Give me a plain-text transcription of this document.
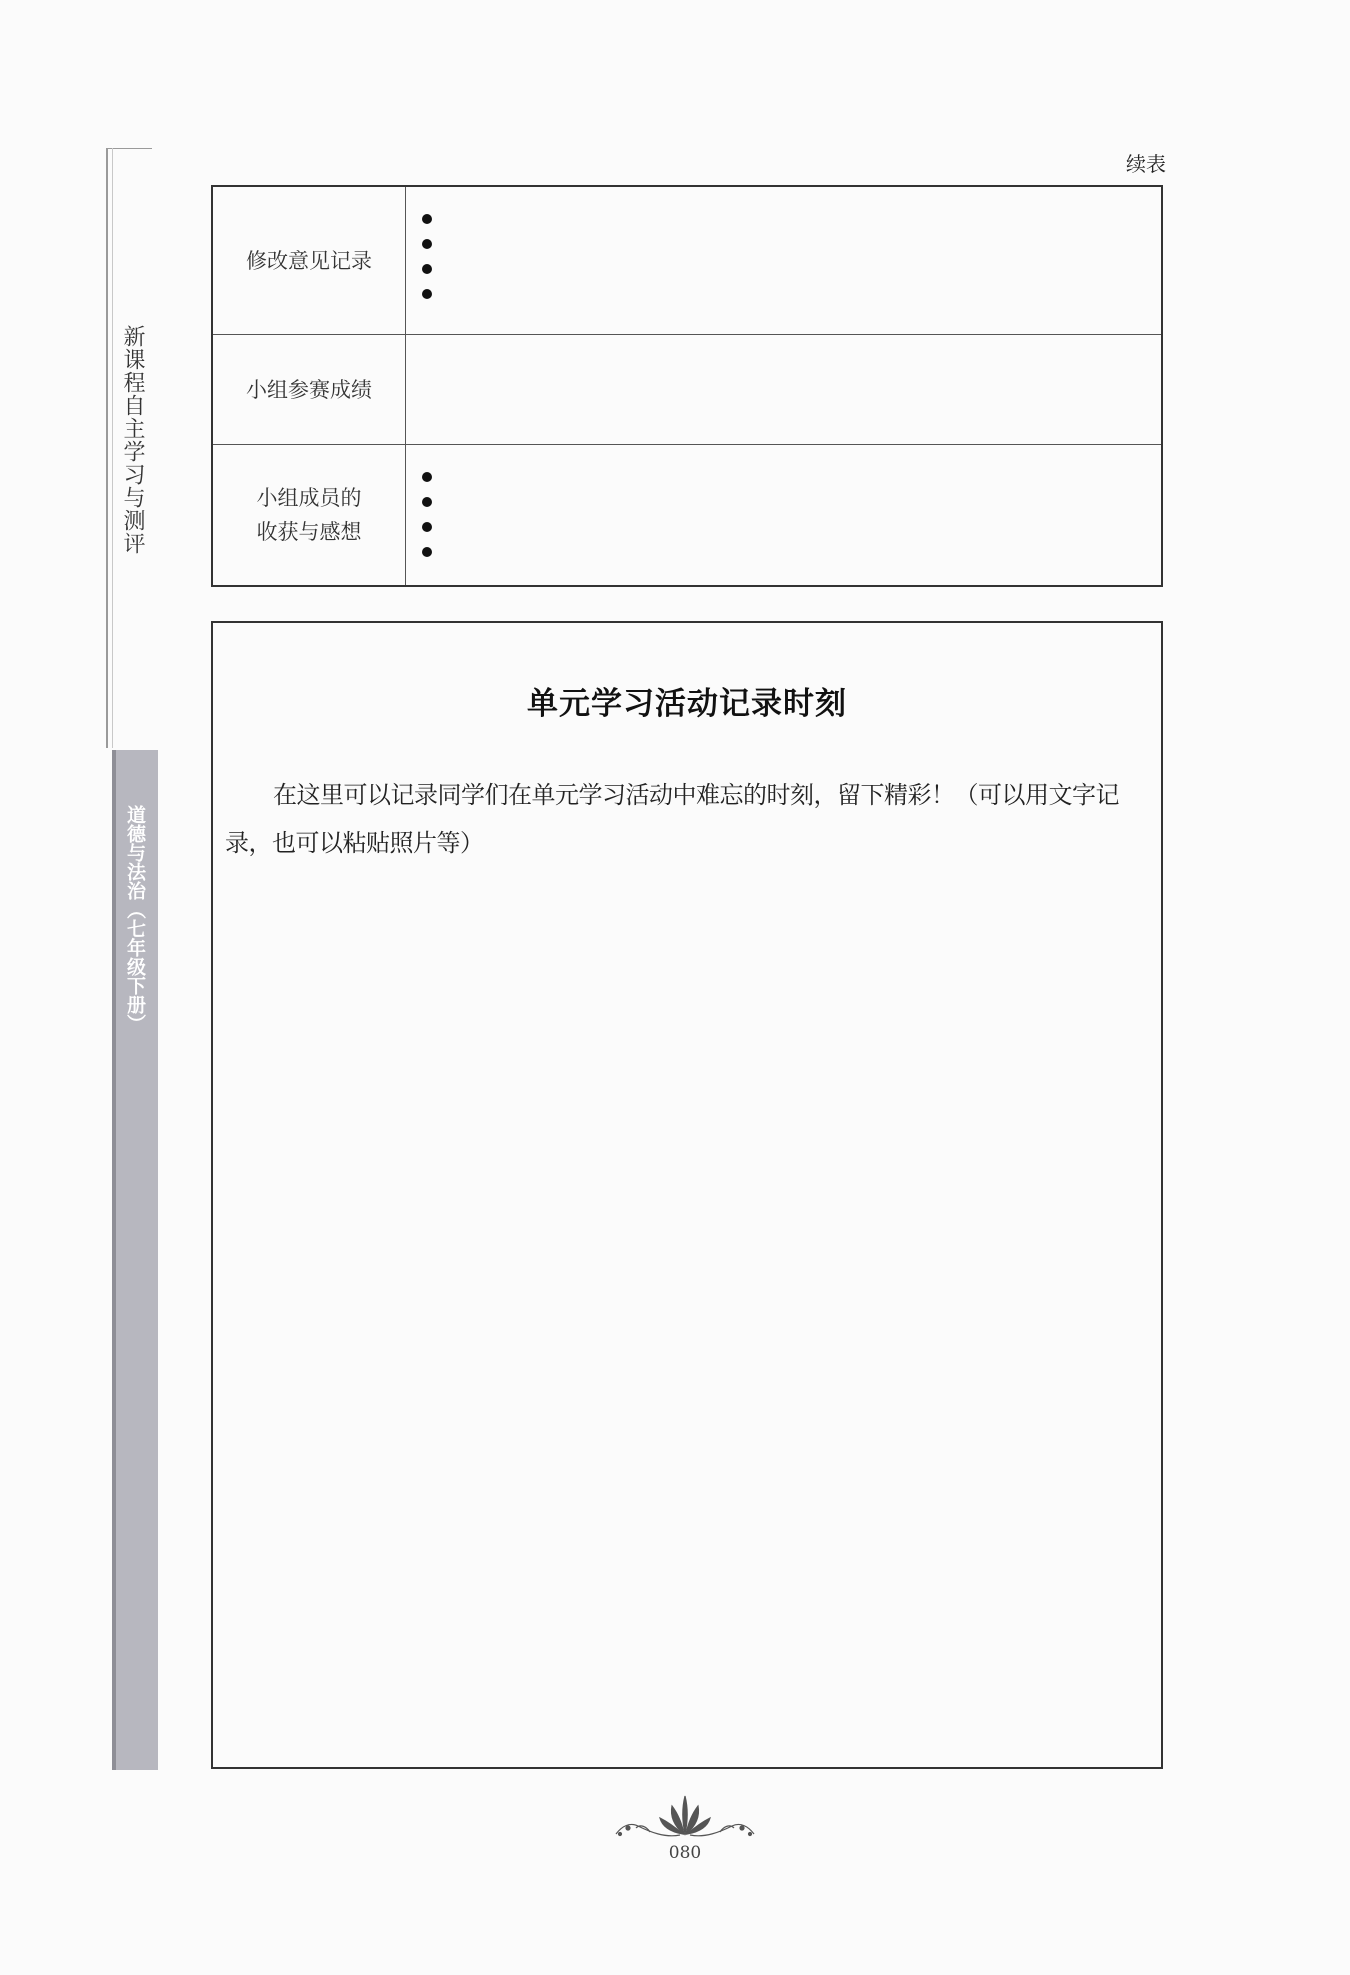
新课程自主学习与测评
道德与法治（七年级下册）
续表
修改意见记录
小组参赛成绩
小组成员的
收获与感想
单元学习活动记录时刻
在这里可以记录同学们在单元学习活动中难忘的时刻，留下精彩！（可以用文字记录，也可以粘贴照片等）
080
